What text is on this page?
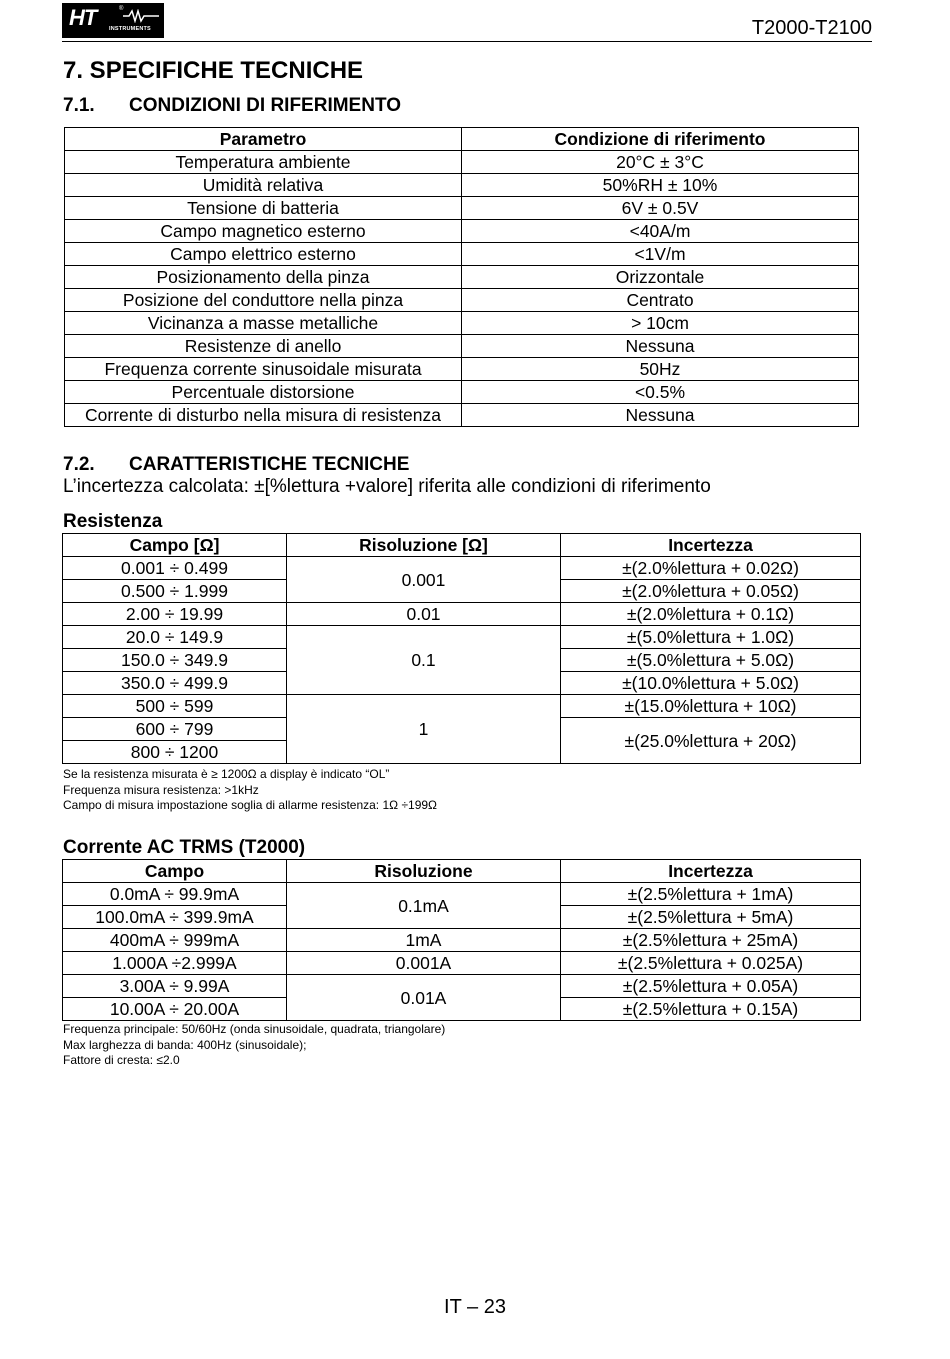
HT	®
INSTRUMENTS	T2000-T2100
7. SPECIFICHE TECNICHE
7.1. CONDIZIONI DI RIFERIMENTO
Parametro	Condizione di riferimento
Temperatura ambiente	20°C ± 3°C
Umidità relativa	50%RH ± 10%
Tensione di batteria	6V ± 0.5V
Campo magnetico esterno	<40A/m
Campo elettrico esterno	<1V/m
Posizionamento della pinza	Orizzontale
Posizione del conduttore nella pinza	Centrato
Vicinanza a masse metalliche	> 10cm
Resistenze di anello	Nessuna
Frequenza corrente sinusoidale misurata	50Hz
Percentuale distorsione	<0.5%
Corrente di disturbo nella misura di resistenza	Nessuna
7.2. CARATTERISTICHE TECNICHE
L’incertezza calcolata: ±[%lettura +valore] riferita alle condizioni di riferimento
Resistenza
Campo [Ω]	Risoluzione [Ω]	Incertezza
0.001 ÷ 0.499	0.001	±(2.0%lettura + 0.02Ω)
0.500 ÷ 1.999		±(2.0%lettura + 0.05Ω)
2.00 ÷ 19.99	0.01	±(2.0%lettura + 0.1Ω)
20.0 ÷ 149.9	0.1	±(5.0%lettura + 1.0Ω)
150.0 ÷ 349.9		±(5.0%lettura + 5.0Ω)
350.0 ÷ 499.9		±(10.0%lettura + 5.0Ω)
500 ÷ 599	1	±(15.0%lettura + 10Ω)
600 ÷ 799		±(25.0%lettura + 20Ω)
800 ÷ 1200		
Se la resistenza misurata è ≥ 1200Ω a display è indicato “OL”
Frequenza misura resistenza: >1kHz
Campo di misura impostazione soglia di allarme resistenza: 1Ω ÷199Ω
Corrente AC TRMS (T2000)
Campo	Risoluzione	Incertezza
0.0mA ÷ 99.9mA	0.1mA	±(2.5%lettura + 1mA)
100.0mA ÷ 399.9mA		±(2.5%lettura + 5mA)
400mA ÷ 999mA	1mA	±(2.5%lettura + 25mA)
1.000A ÷2.999A	0.001A	±(2.5%lettura + 0.025A)
3.00A ÷ 9.99A	0.01A	±(2.5%lettura + 0.05A)
10.00A ÷ 20.00A		±(2.5%lettura + 0.15A)
Frequenza principale: 50/60Hz (onda sinusoidale, quadrata, triangolare)
Max larghezza di banda: 400Hz (sinusoidale);
Fattore di cresta: ≤2.0
IT – 23
